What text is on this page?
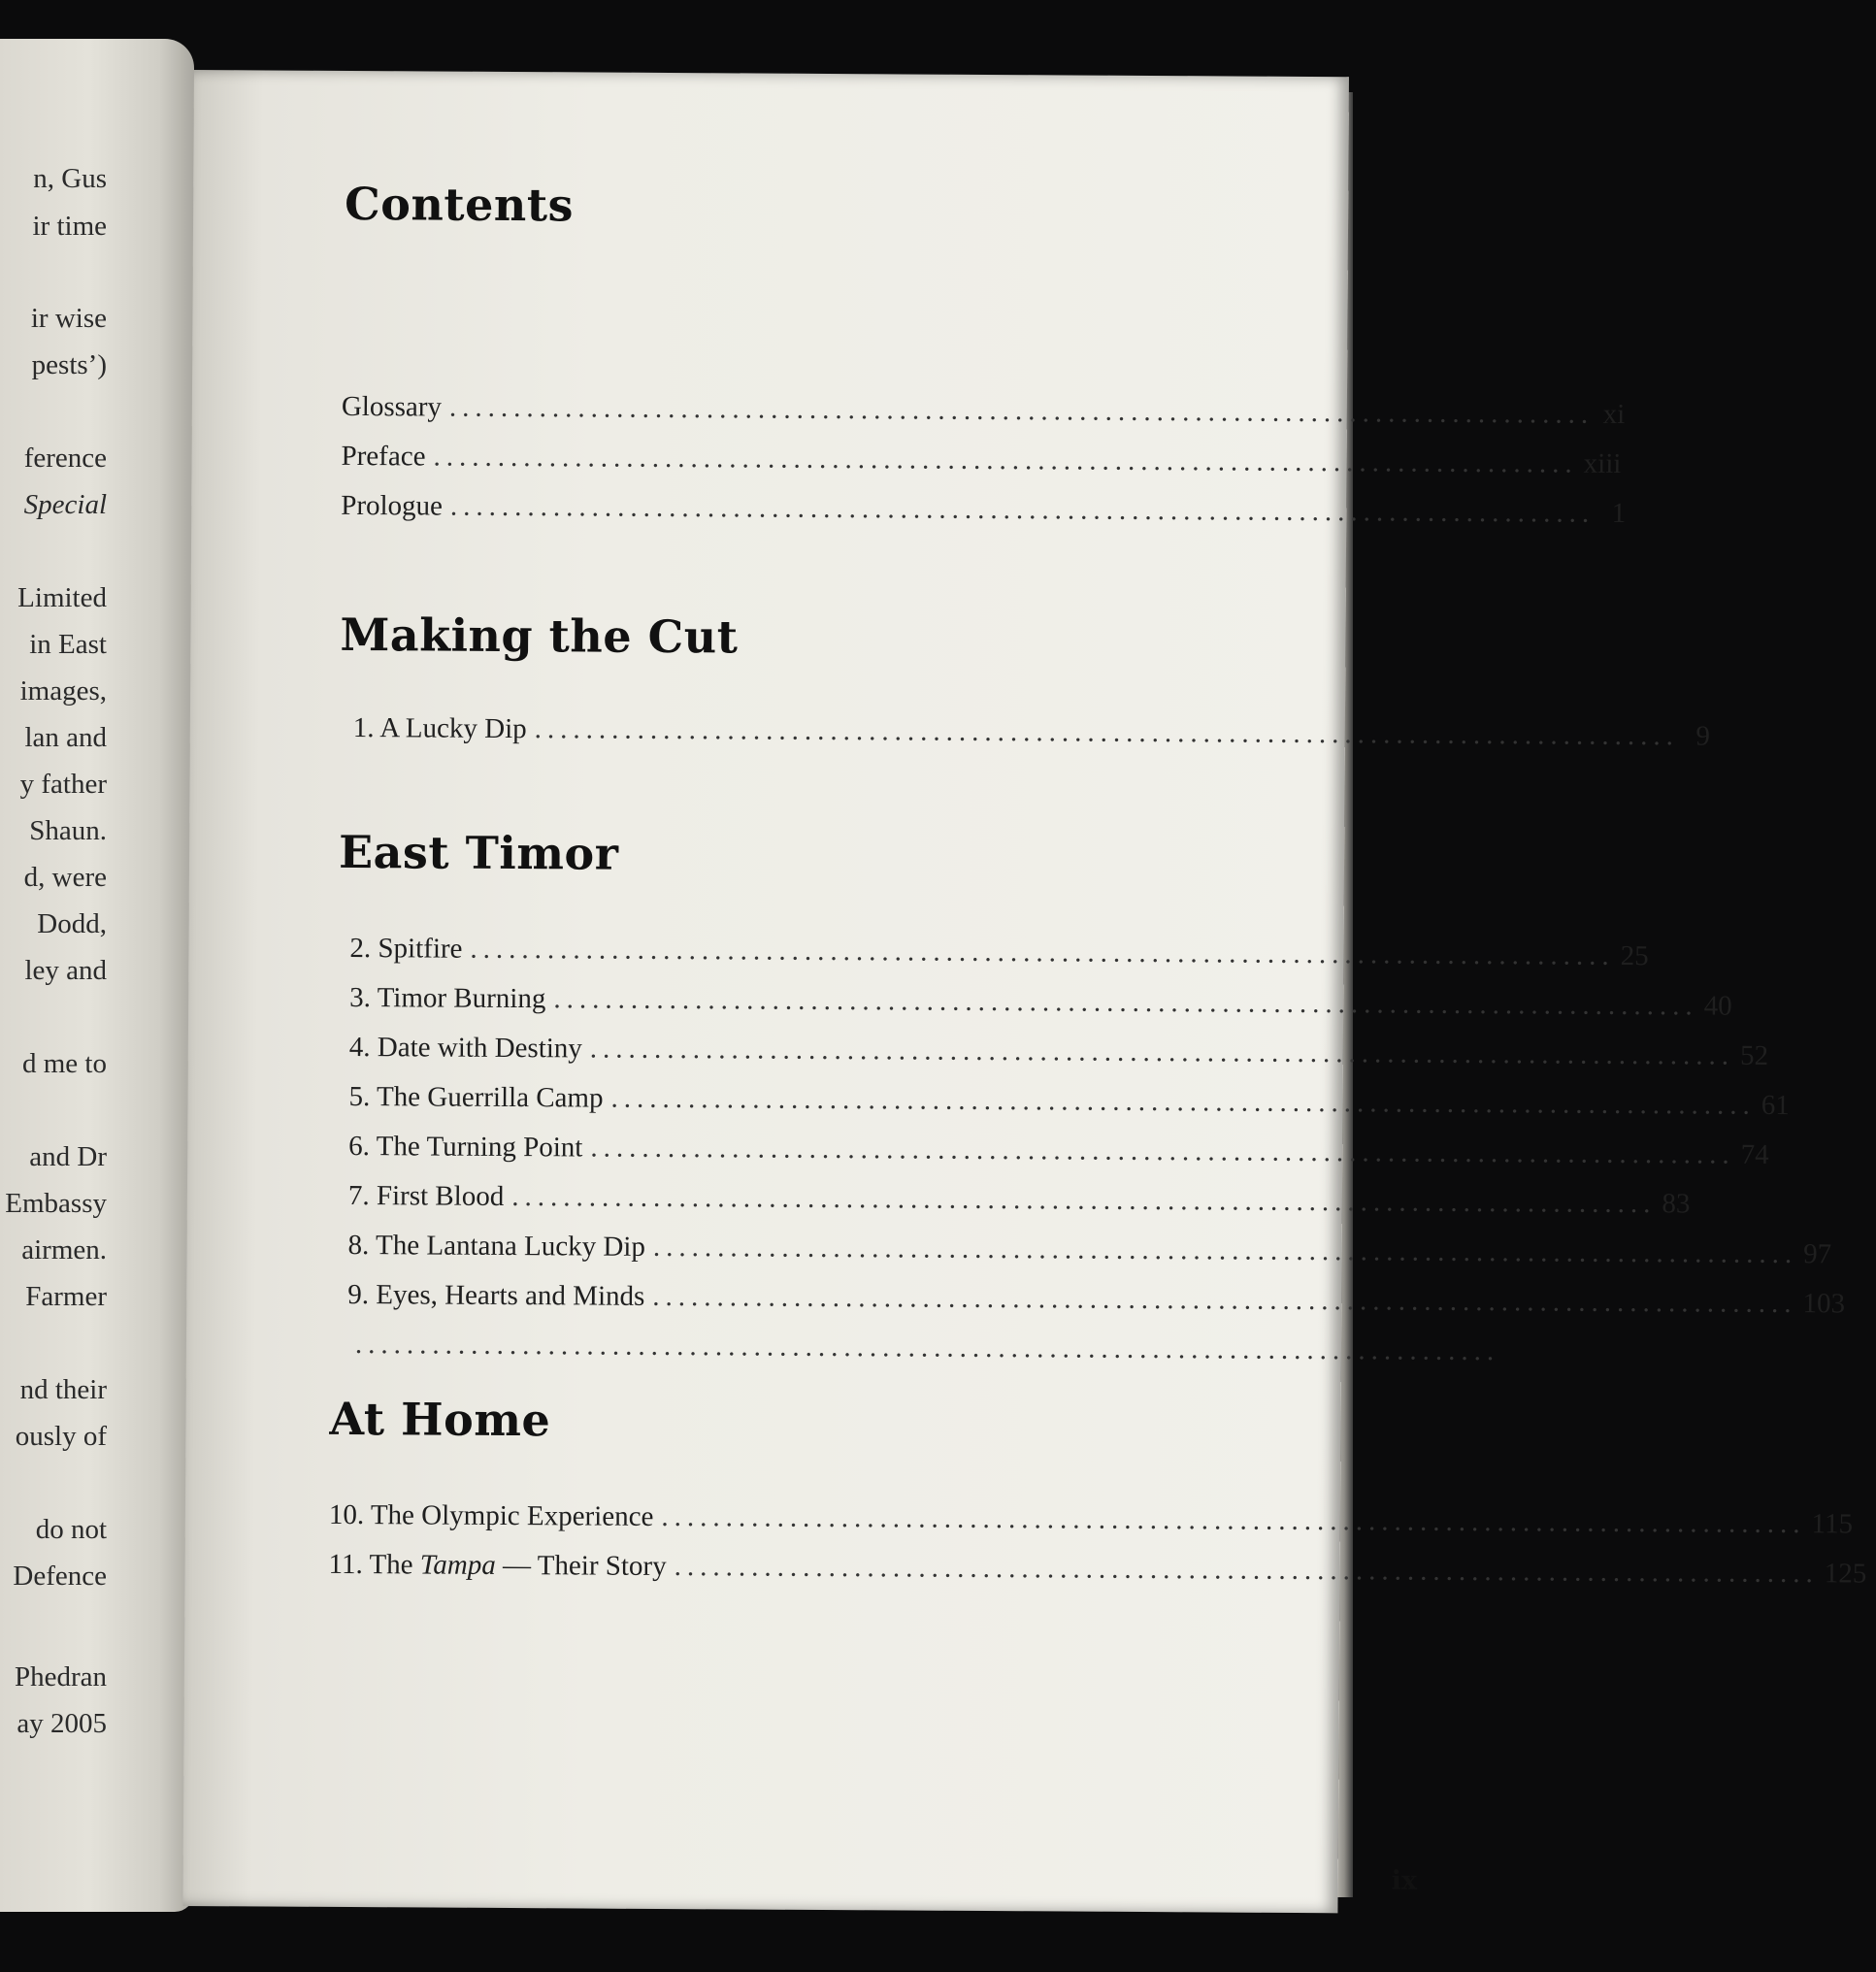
n, Gus
ir time
ir wise
pests’)
ference
Special
Limited
in East
images,
lan and
y father
Shaun.
d, were
Dodd,
ley and
d me to
and Dr
Embassy
airmen.
Farmer
nd their
ously of
do not
Defence
Phedran
ay 2005
Contents
Glossary ......................................................................................... xi
Preface ......................................................................................... xiii
Prologue ......................................................................................... 1
Making the Cut
1. A Lucky Dip ......................................................................................... 9
East Timor
2. Spitfire ......................................................................................... 25
3. Timor Burning ......................................................................................... 40
4. Date with Destiny ......................................................................................... 52
5. The Guerrilla Camp ......................................................................................... 61
6. The Turning Point ......................................................................................... 74
7. First Blood ......................................................................................... 83
8. The Lantana Lucky Dip ......................................................................................... 97
9. Eyes, Hearts and Minds ......................................................................................... 103
.........................................................................................
At Home
10. The Olympic Experience ......................................................................................... 115
11. The Tampa — Their Story ......................................................................................... 125
ix
